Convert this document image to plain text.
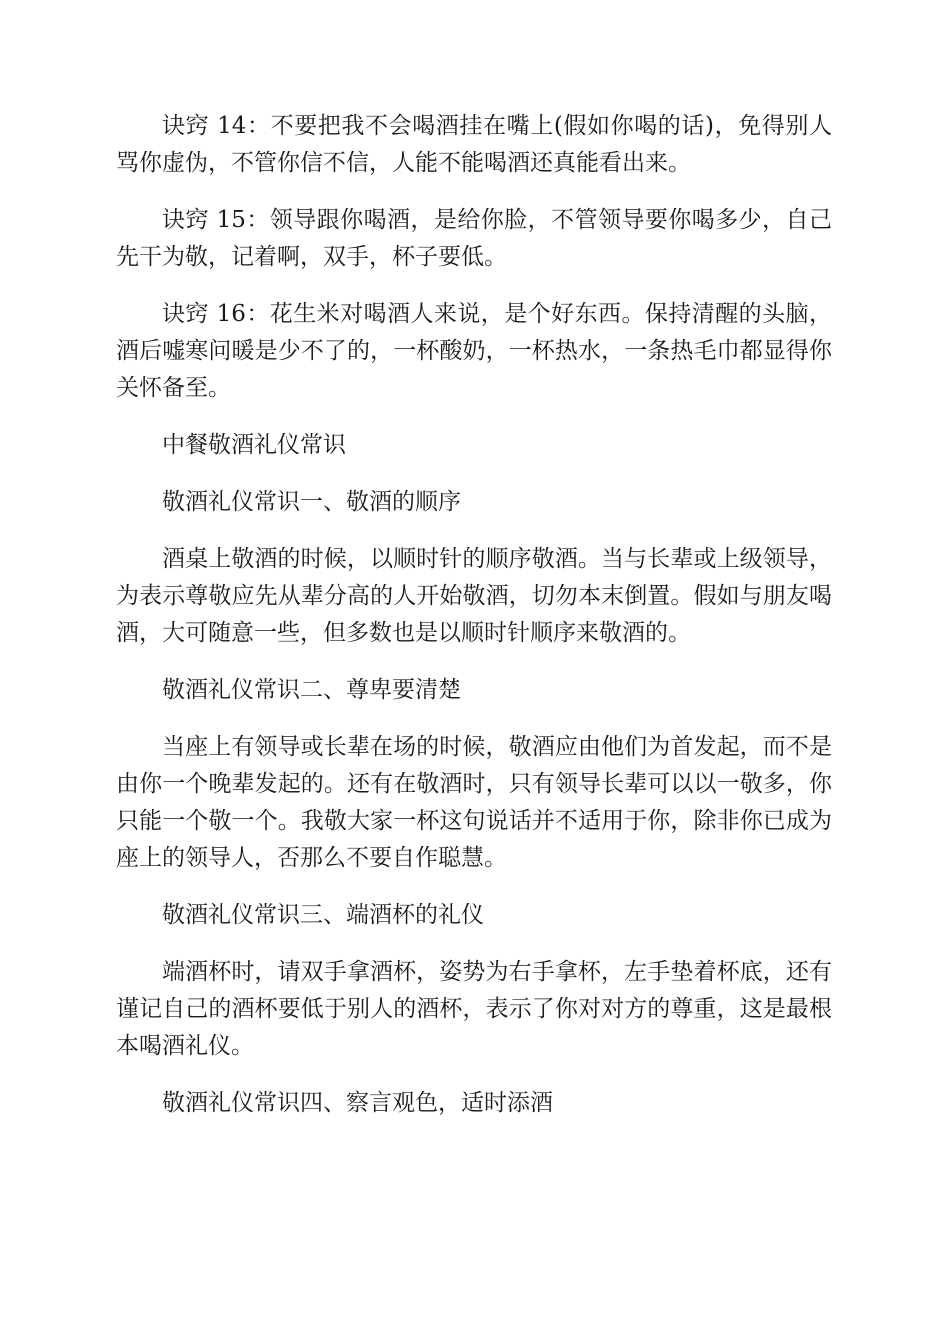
诀窍 14：不要把我不会喝酒挂在嘴上(假如你喝的话)，免得别人骂你虚伪，不管你信不信，人能不能喝酒还真能看出来。

诀窍 15：领导跟你喝酒，是给你脸，不管领导要你喝多少，自己先干为敬，记着啊，双手，杯子要低。

诀窍 16：花生米对喝酒人来说，是个好东西。保持清醒的头脑，酒后嘘寒问暖是少不了的，一杯酸奶，一杯热水，一条热毛巾都显得你关怀备至。

中餐敬酒礼仪常识

敬酒礼仪常识一、敬酒的顺序

酒桌上敬酒的时候，以顺时针的顺序敬酒。当与长辈或上级领导，为表示尊敬应先从辈分高的人开始敬酒，切勿本末倒置。假如与朋友喝酒，大可随意一些，但多数也是以顺时针顺序来敬酒的。

敬酒礼仪常识二、尊卑要清楚

当座上有领导或长辈在场的时候，敬酒应由他们为首发起，而不是由你一个晚辈发起的。还有在敬酒时，只有领导长辈可以以一敬多，你只能一个敬一个。我敬大家一杯这句说话并不适用于你，除非你已成为座上的领导人，否那么不要自作聪慧。

敬酒礼仪常识三、端酒杯的礼仪

端酒杯时，请双手拿酒杯，姿势为右手拿杯，左手垫着杯底，还有谨记自己的酒杯要低于别人的酒杯，表示了你对对方的尊重，这是最根本喝酒礼仪。

敬酒礼仪常识四、察言观色，适时添酒
